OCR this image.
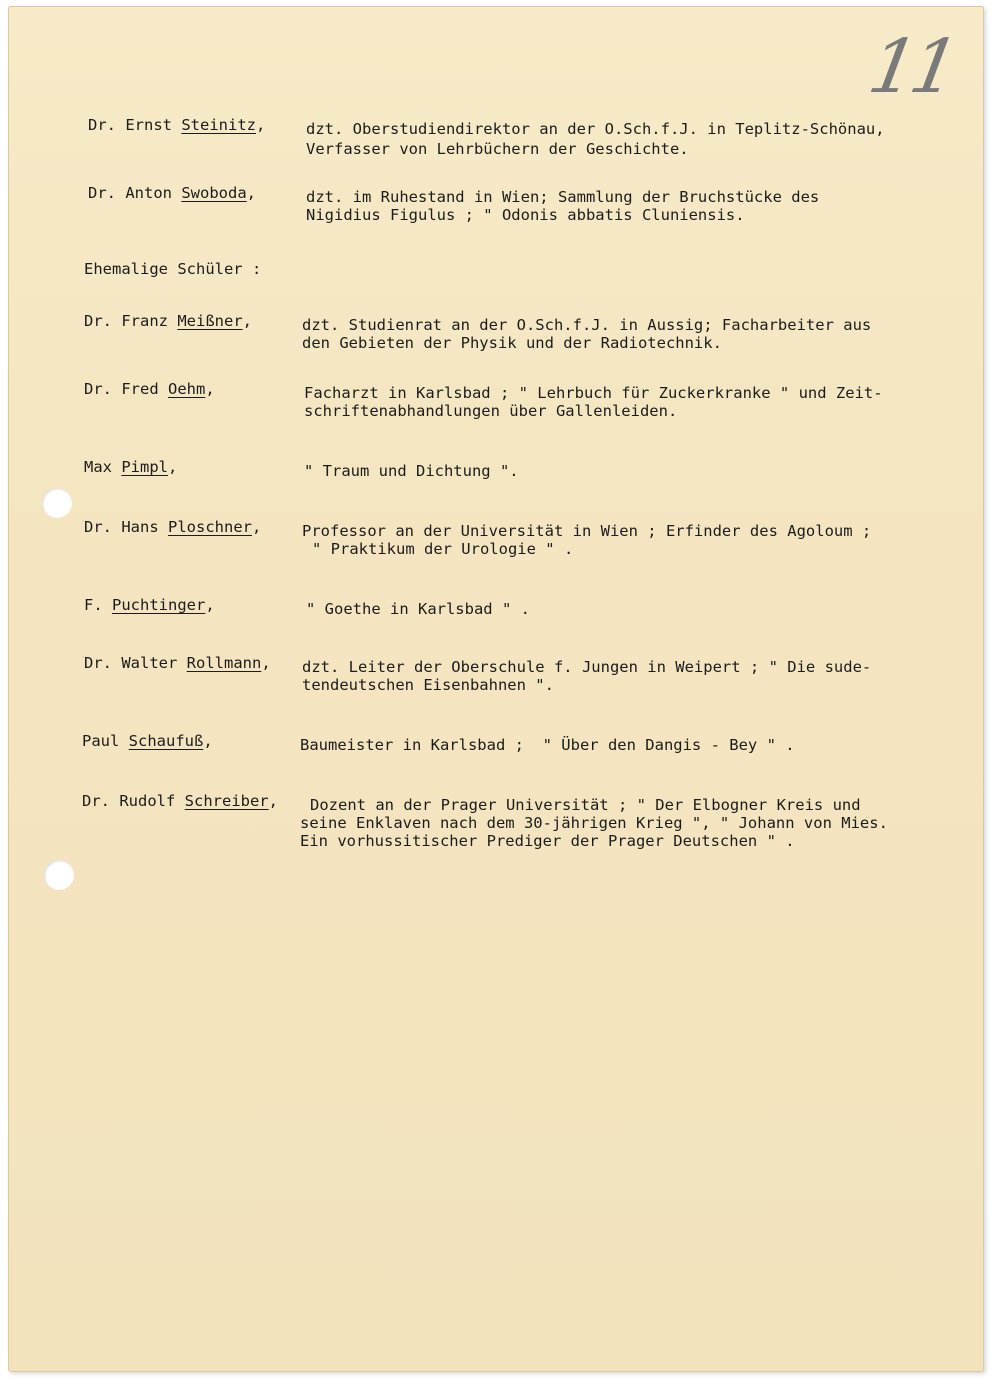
11
Dr. Ernst Steinitz,	dzt. Oberstudiendirektor an der O.Sch.f.J. in Teplitz-Schönau,
Verfasser von Lehrbüchern der Geschichte.
Dr. Anton Swoboda,	dzt. im Ruhestand in Wien; Sammlung der Bruchstücke des
Nigidius Figulus ; " Odonis abbatis Cluniensis.
Ehemalige Schüler :
Dr. Franz Meißner,	dzt. Studienrat an der O.Sch.f.J. in Aussig; Facharbeiter aus
den Gebieten der Physik und der Radiotechnik.
Dr. Fred Oehm,	Facharzt in Karlsbad ; " Lehrbuch für Zuckerkranke " und Zeit-
schriftenabhandlungen über Gallenleiden.
Max Pimpl,	" Traum und Dichtung ".
Dr. Hans Ploschner,	Professor an der Universität in Wien ; Erfinder des Agoloum ;
" Praktikum der Urologie " .
F. Puchtinger,	" Goethe in Karlsbad " .
Dr. Walter Rollmann, dzt. Leiter der Oberschule f. Jungen in Weipert ; " Die sude-
tendeutschen Eisenbahnen ".
Paul Schaufuß,	Baumeister in Karlsbad ;  " Über den Dangis - Bey " .
Dr. Rudolf Schreiber, Dozent an der Prager Universität ; " Der Elbogner Kreis und
seine Enklaven nach dem 30-jährigen Krieg ", " Johann von Mies.
Ein vorhussitischer Prediger der Prager Deutschen " .
